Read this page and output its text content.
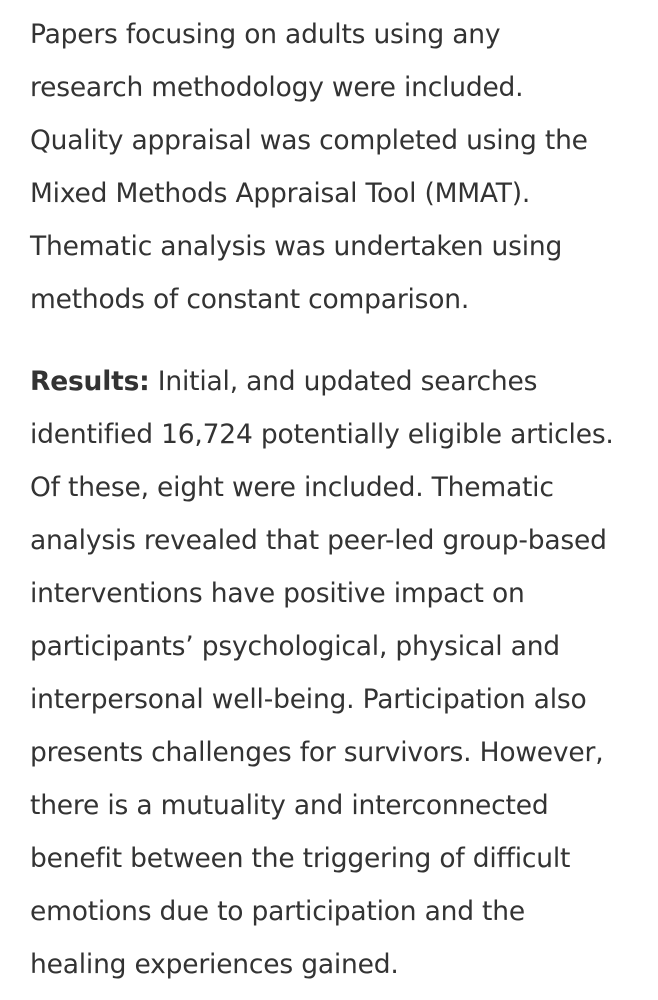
Papers focusing on adults using any
research methodology were included.
Quality appraisal was completed using the
Mixed Methods Appraisal Tool (MMAT).
Thematic analysis was undertaken using
methods of constant comparison.
Results: Initial, and updated searches
identified 16,724 potentially eligible articles.
Of these, eight were included. Thematic
analysis revealed that peer-led group-based
interventions have positive impact on
participants’ psychological, physical and
interpersonal well-being. Participation also
presents challenges for survivors. However,
there is a mutuality and interconnected
benefit between the triggering of difficult
emotions due to participation and the
healing experiences gained.
